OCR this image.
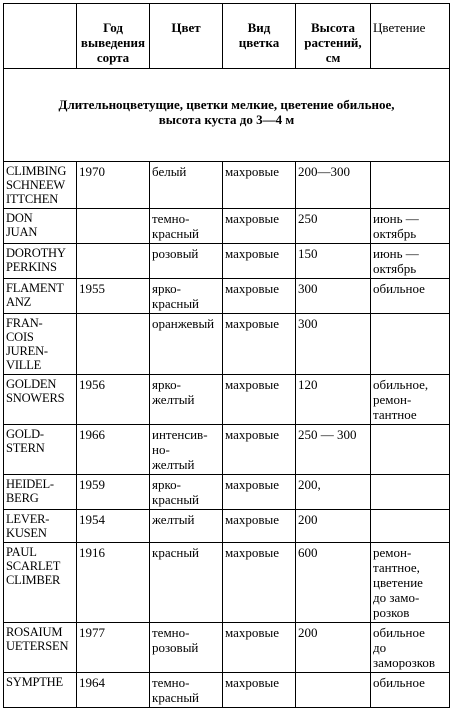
	Год
выведения
сорта	Цвет	Вид
цветка	Высота
растений,
см	Цветение
Длительноцветущие, цветки мелкие, цветение обильное,
высота куста до 3—4 м					
CLIMBING
SCHNEEW
ITTCHEN	1970	белый	махровые	200—300	
DON
JUAN		темно-
красный	махровые	250	июнь —
октябрь
DOROTHY
PERKINS		розовый	махровые	150	июнь —
октябрь
FLAMENT
ANZ	1955	ярко-
красный	махровые	300	обильное
FRAN-
COIS
JUREN-
VILLE		оранжевый	махровые	300	
GOLDEN
SNOWERS	1956	ярко-
желтый	махровые	120	обильное,
ремон-
тантное
GOLD-
STERN	1966	интенсив-
но-
желтый	махровые	250 — 300	
HEIDEL-
BERG	1959	ярко-
красный	махровые	200,	
LEVER-
KUSEN	1954	желтый	махровые	200	
PAUL
SCARLET
CLIMBER	1916	красный	махровые	600	ремон-
тантное,
цветение
до замо-
розков
ROSAIUM
UETERSEN	1977	темно-
розовый	махровые	200	обильное
до
заморозков
SYMPTHE	1964	темно-
красный	махровые		обильное
